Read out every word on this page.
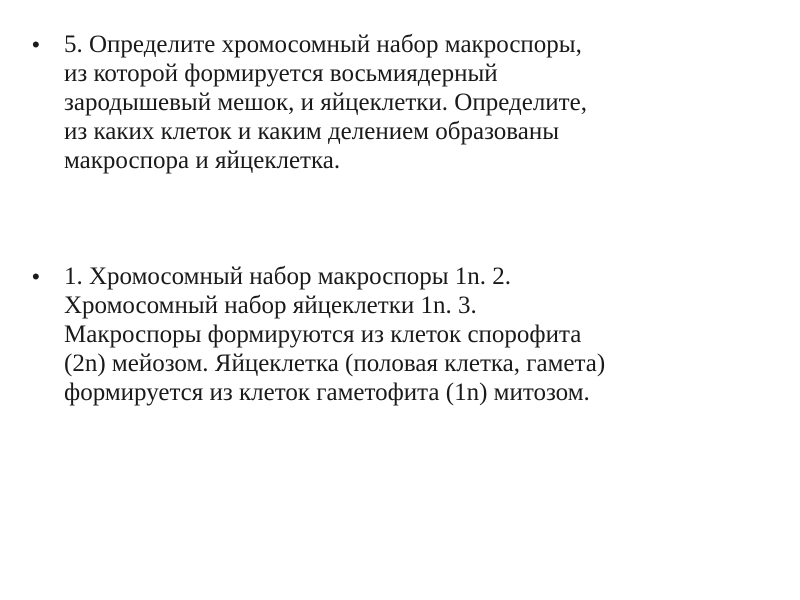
• 5. Определите хромосомный набор макроспоры,
из которой формируется восьмиядерный
зародышевый мешок, и яйцеклетки. Определите,
из каких клеток и каким делением образованы
макроспора и яйцеклетка.
• 1. Хромосомный набор макроспоры 1n. 2.
Хромосомный набор яйцеклетки 1n. 3.
Макроспоры формируются из клеток спорофита
(2n) мейозом. Яйцеклетка (половая клетка, гамета)
формируется из клеток гаметофита (1n) митозом.
